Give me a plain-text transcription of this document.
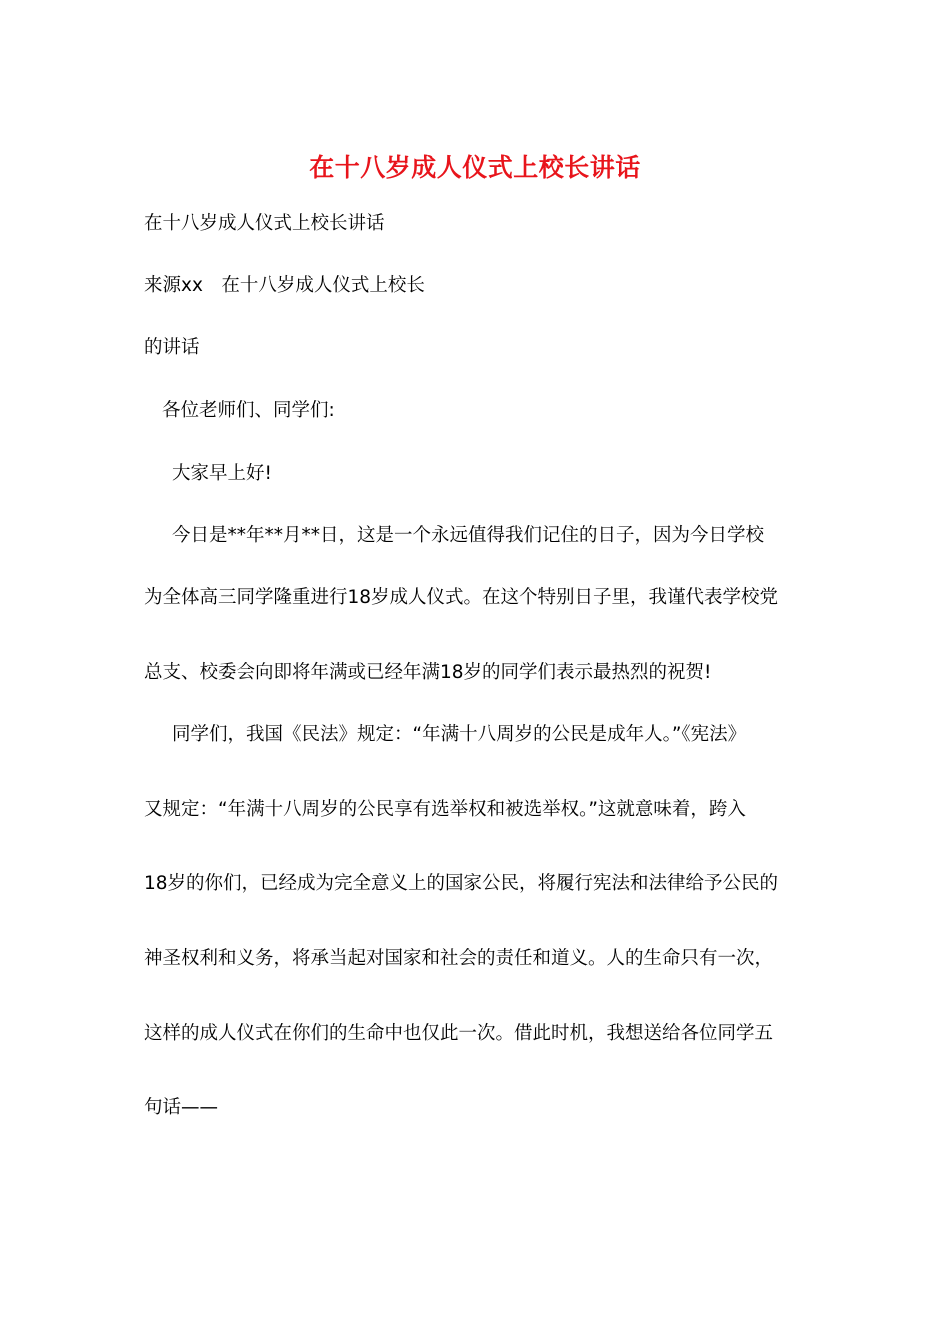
在十八岁成人仪式上校长讲话
在十八岁成人仪式上校长讲话
来源xx　在十八岁成人仪式上校长
的讲话
各位老师们、同学们:
大家早上好!
今日是**年**月**日，这是一个永远值得我们记住的日子，因为今日学校
为全体高三同学隆重进行18岁成人仪式。在这个特别日子里，我谨代表学校党
总支、校委会向即将年满或已经年满18岁的同学们表示最热烈的祝贺!
同学们，我国《民法》规定：“年满十八周岁的公民是成年人。”《宪法》
又规定：“年满十八周岁的公民享有选举权和被选举权。”这就意味着，跨入
18岁的你们，已经成为完全意义上的国家公民，将履行宪法和法律给予公民的
神圣权利和义务，将承当起对国家和社会的责任和道义。人的生命只有一次，
这样的成人仪式在你们的生命中也仅此一次。借此时机，我想送给各位同学五
句话——
